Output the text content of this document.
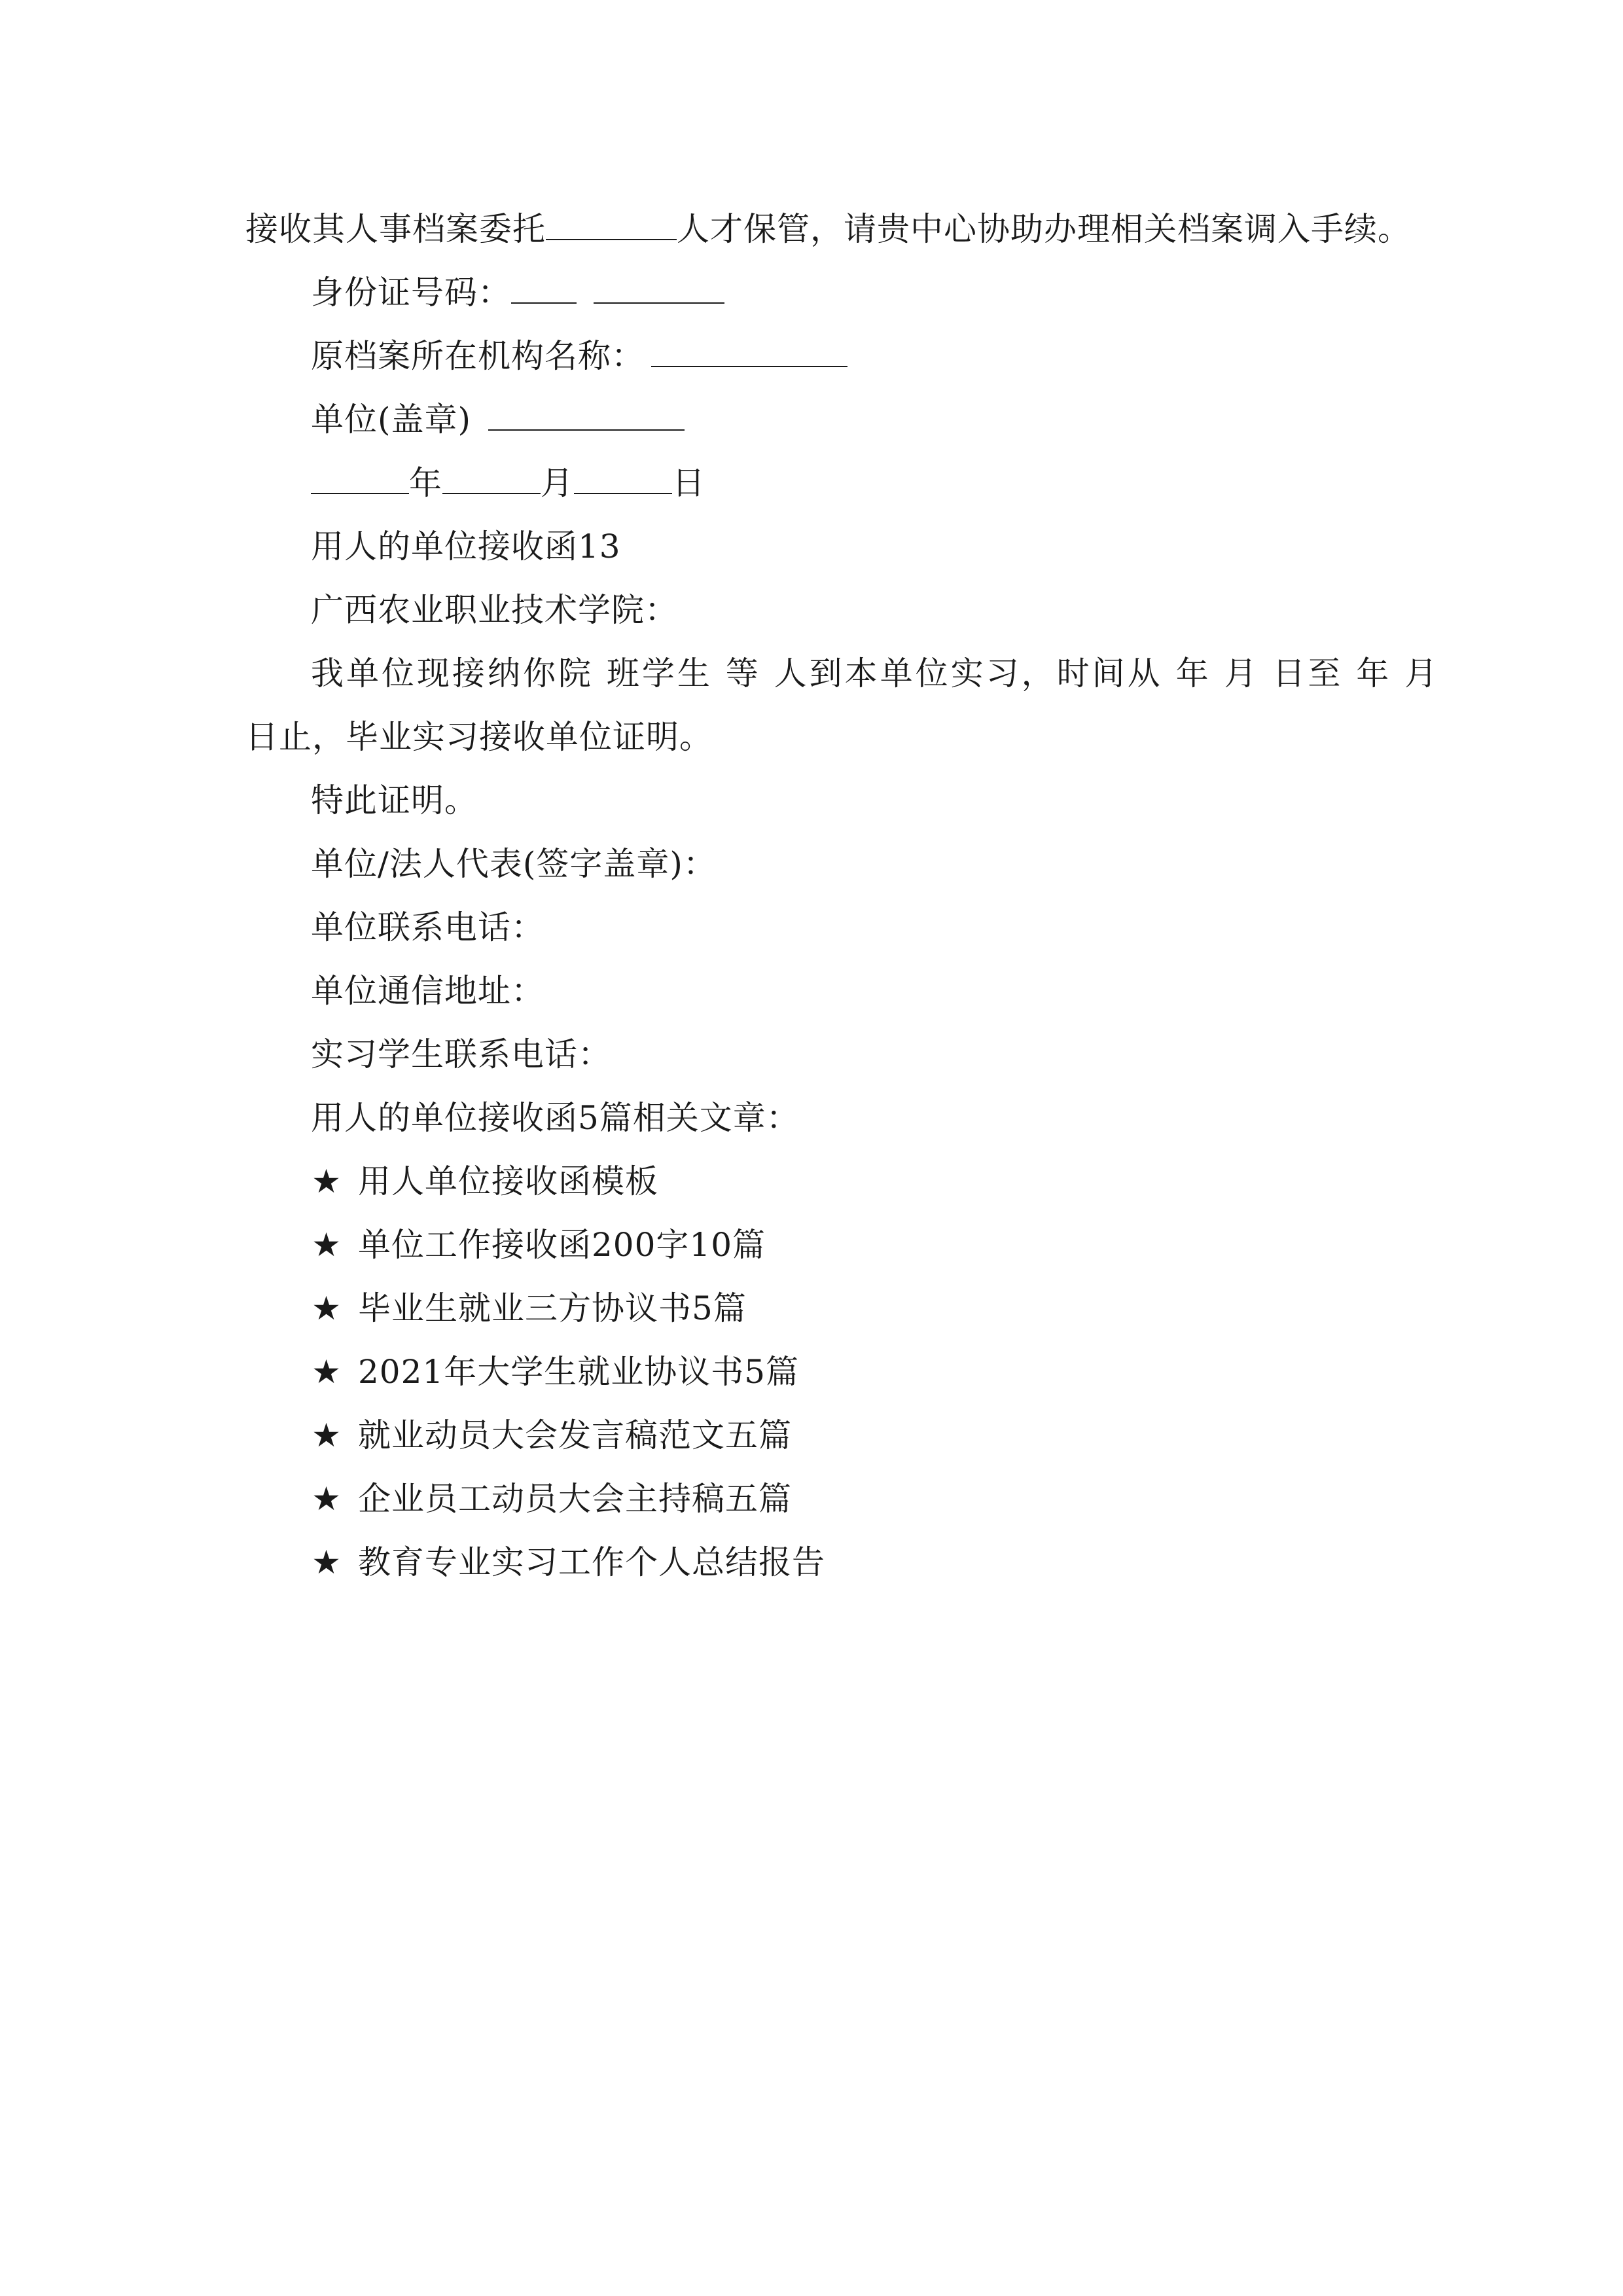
接收其人事档案委托	人才保管，请贵中心协助办理相关档案调入手续。
身份证号码：
原档案所在机构名称：
单位(盖章)
年	月	日
用人的单位接收函13
广西农业职业技术学院：
我单位现接纳你院 班学生 等 人到本单位实习，时间从 年 月 日至 年 月
日止，毕业实习接收单位证明。
特此证明。
单位/法人代表(签字盖章)：
单位联系电话：
单位通信地址：
实习学生联系电话：
用人的单位接收函5篇相关文章：
★ 用人单位接收函模板
★ 单位工作接收函200字10篇
★ 毕业生就业三方协议书5篇
★ 2021年大学生就业协议书5篇
★ 就业动员大会发言稿范文五篇
★ 企业员工动员大会主持稿五篇
★ 教育专业实习工作个人总结报告
